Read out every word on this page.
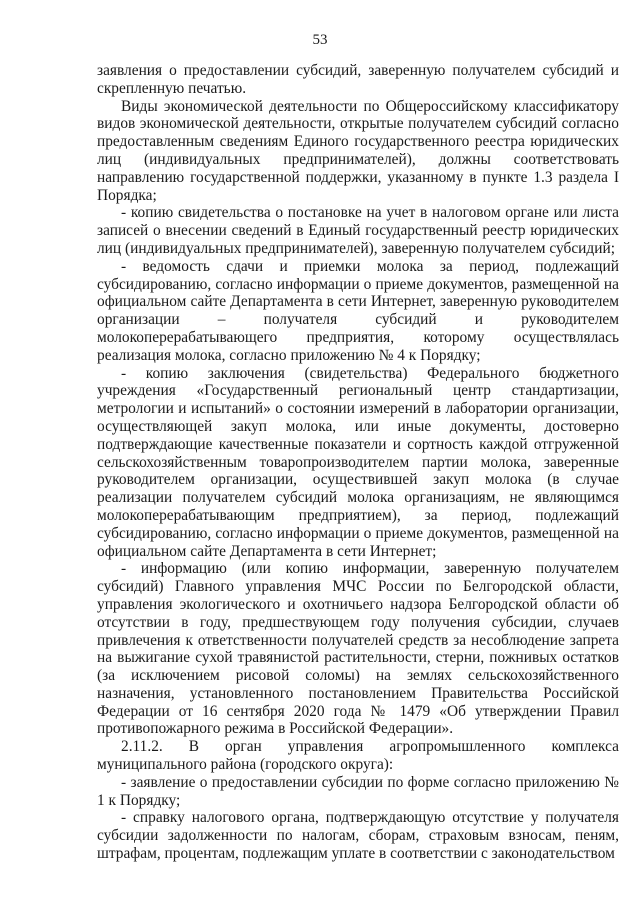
53

заявления о предоставлении субсидий, заверенную получателем субсидий и скрепленную печатью.

Виды экономической деятельности по Общероссийскому классификатору видов экономической деятельности, открытые получателем субсидий согласно предоставленным сведениям Единого государственного реестра юридических лиц (индивидуальных предпринимателей), должны соответствовать направлению государственной поддержки, указанному в пункте 1.3 раздела I Порядка;

- копию свидетельства о постановке на учет в налоговом органе или листа записей о внесении сведений в Единый государственный реестр юридических лиц (индивидуальных предпринимателей), заверенную получателем субсидий;

- ведомость сдачи и приемки молока за период, подлежащий субсидированию, согласно информации о приеме документов, размещенной на официальном сайте Департамента в сети Интернет, заверенную руководителем организации – получателя субсидий и руководителем молокоперерабатывающего предприятия, которому осуществлялась реализация молока, согласно приложению № 4 к Порядку;

- копию заключения (свидетельства) Федерального бюджетного учреждения «Государственный региональный центр стандартизации, метрологии и испытаний» о состоянии измерений в лаборатории организации, осуществляющей закуп молока, или иные документы, достоверно подтверждающие качественные показатели и сортность каждой отгруженной сельскохозяйственным товаропроизводителем партии молока, заверенные руководителем организации, осуществившей закуп молока (в случае реализации получателем субсидий молока организациям, не являющимся молокоперерабатывающим предприятием), за период, подлежащий субсидированию, согласно информации о приеме документов, размещенной на официальном сайте Департамента в сети Интернет;

- информацию (или копию информации, заверенную получателем субсидий) Главного управления МЧС России по Белгородской области, управления экологического и охотничьего надзора Белгородской области об отсутствии в году, предшествующем году получения субсидии, случаев привлечения к ответственности получателей средств за несоблюдение запрета на выжигание сухой травянистой растительности, стерни, пожнивых остатков (за исключением рисовой соломы) на землях сельскохозяйственного назначения, установленного постановлением Правительства Российской Федерации от 16 сентября 2020 года № 1479 «Об утверждении Правил противопожарного режима в Российской Федерации».

2.11.2. В орган управления агропромышленного комплекса муниципального района (городского округа):

- заявление о предоставлении субсидии по форме согласно приложению № 1 к Порядку;

- справку налогового органа, подтверждающую отсутствие у получателя субсидии задолженности по налогам, сборам, страховым взносам, пеням, штрафам, процентам, подлежащим уплате в соответствии с законодательством
